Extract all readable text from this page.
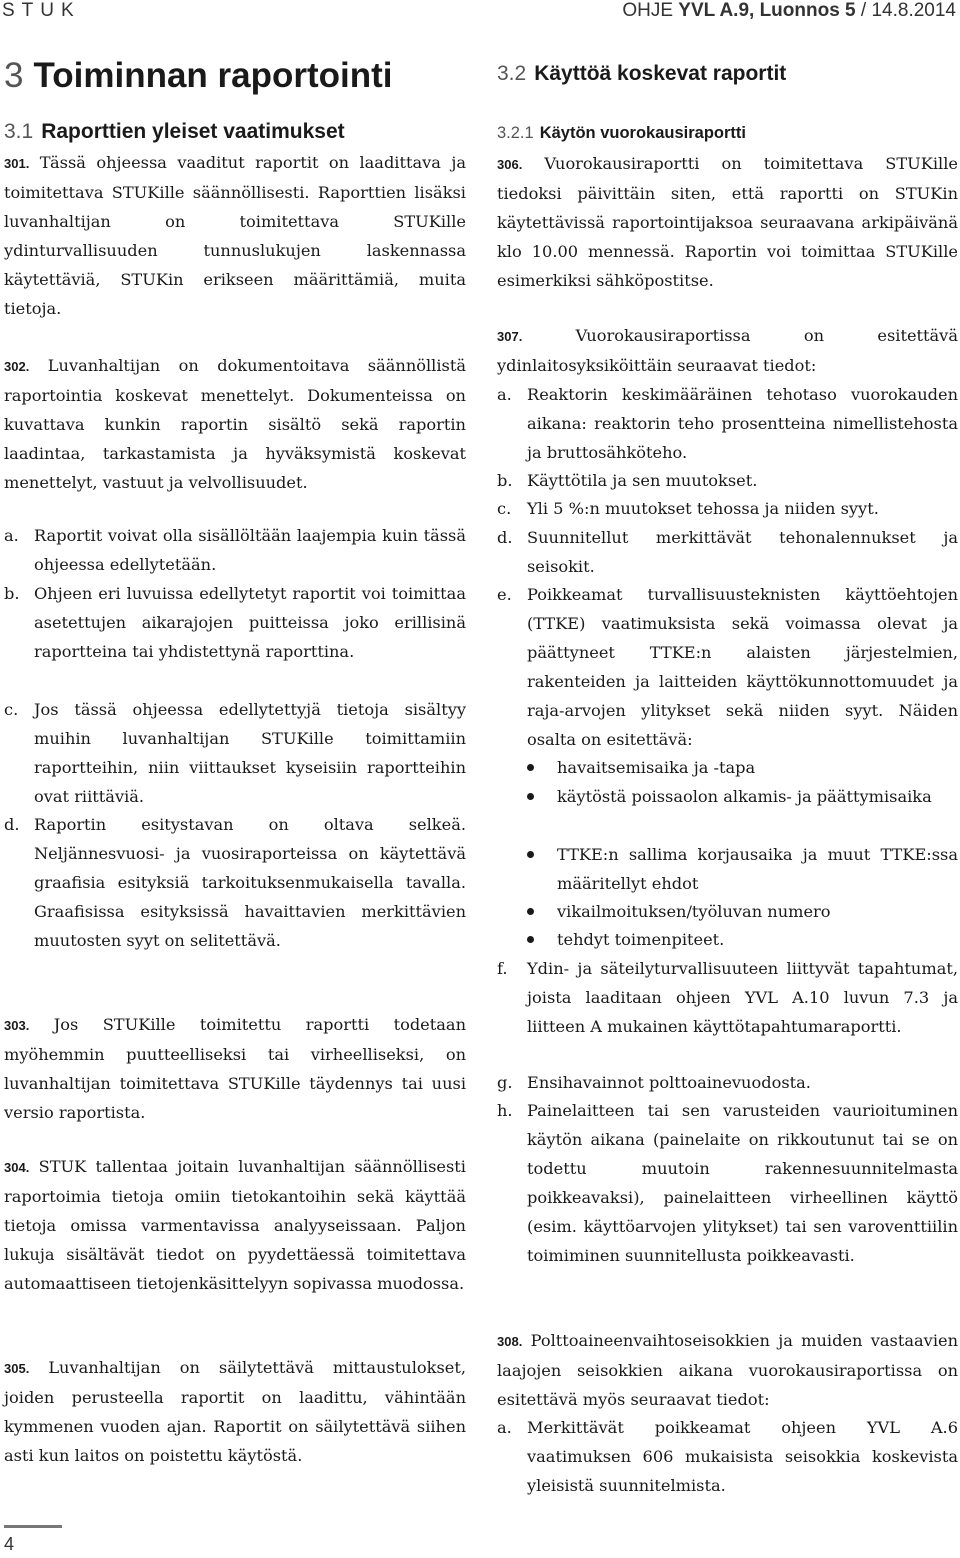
STUK	OHJE YVL A.9, Luonnos 5 / 14.8.2014
3 Toiminnan raportointi
3.1 Raporttien yleiset vaatimukset

301. Tässä ohjeessa vaaditut raportit on laadittava ja toimitettava STUKille säännöllisesti. Raporttien lisäksi luvanhaltijan on toimitettava STUKille ydinturvallisuuden tunnuslukujen laskennassa käytettäviä, STUKin erikseen määrittämiä, muita tietoja.

302. Luvanhaltijan on dokumentoitava säännöllistä raportointia koskevat menettelyt. Dokumenteissa on kuvattava kunkin raportin sisältö sekä raportin laadintaa, tarkastamista ja hyväksymistä koskevat menettelyt, vastuut ja velvollisuudet.

a. Raportit voivat olla sisällöltään laajempia kuin tässä ohjeessa edellytetään.
b. Ohjeen eri luvuissa edellytetyt raportit voi toimittaa asetettujen aikarajojen puitteissa joko erillisinä raportteina tai yhdistettynä raporttina.
c. Jos tässä ohjeessa edellytettyjä tietoja sisältyy muihin luvanhaltijan STUKille toimittamiin raportteihin, niin viittaukset kyseisiin raportteihin ovat riittäviä.
d. Raportin esitystavan on oltava selkeä. Neljännesvuosi- ja vuosiraporteissa on käytettävä graafisia esityksiä tarkoituksenmukaisella tavalla. Graafisissa esityksissä havaittavien merkittävien muutosten syyt on selitettävä.

303. Jos STUKille toimitettu raportti todetaan myöhemmin puutteelliseksi tai virheelliseksi, on luvanhaltijan toimitettava STUKille täydennys tai uusi versio raportista.

304. STUK tallentaa joitain luvanhaltijan säännöllisesti raportoimia tietoja omiin tietokantoihin sekä käyttää tietoja omissa varmentavissa analyyseissaan. Paljon lukuja sisältävät tiedot on pyydettäessä toimitettava automaattiseen tietojenkäsittelyyn sopivassa muodossa.

305. Luvanhaltijan on säilytettävä mittaustulokset, joiden perusteella raportit on laadittu, vähintään kymmenen vuoden ajan. Raportit on säilytettävä siihen asti kun laitos on poistettu käytöstä.

3.2 Käyttöä koskevat raportit
3.2.1 Käytön vuorokausiraportti

306. Vuorokausiraportti on toimitettava STUKille tiedoksi päivittäin siten, että raportti on STUKin käytettävissä raportointijaksoa seuraavana arkipäivänä klo 10.00 mennessä. Raportin voi toimittaa STUKille esimerkiksi sähköpostitse.

307.	Vuorokausiraportissa on esitettävä ydinlaitosyksiköittäin seuraavat tiedot:

a. Reaktorin keskimääräinen tehotaso vuorokauden aikana: reaktorin teho prosentteina nimellistehosta ja bruttosähköteho.
b. Käyttötila ja sen muutokset.
c. Yli 5 %:n muutokset tehossa ja niiden syyt.
d. Suunnitellut merkittävät tehonalennukset ja seisokit.
e. Poikkeamat turvallisuusteknisten käyttöehtojen (TTKE) vaatimuksista sekä voimassa olevat ja päättyneet TTKE:n alaisten järjestelmien, rakenteiden ja laitteiden käyttökunnottomuudet ja raja-arvojen ylitykset sekä niiden syyt. Näiden osalta on esitettävä:
havaitsemisaika ja -tapa
käytöstä poissaolon alkamis- ja päättymisaika
TTKE:n sallima korjausaika ja muut TTKE:ssa määritellyt ehdot
vikailmoituksen/työluvan numero
tehdyt toimenpiteet.
f.	Ydin- ja säteilyturvallisuuteen liittyvät tapahtumat, joista laaditaan ohjeen YVL A.10 luvun 7.3 ja liitteen A mukainen käyttötapahtumaraportti.
g. Ensihavainnot polttoainevuodosta.
h. Painelaitteen tai sen varusteiden vaurioituminen käytön aikana (painelaite on rikkoutunut tai se on todettu muutoin rakennesuunnitelmasta poikkeavaksi), painelaitteen virheellinen käyttö (esim. käyttöarvojen ylitykset) tai sen varoventtiilin toimiminen suunnitellusta poikkeavasti.

308. Polttoaineenvaihtoseisokkien ja muiden vastaavien laajojen seisokkien aikana vuorokausiraportissa on esitettävä myös seuraavat tiedot:

a. Merkittävät poikkeamat ohjeen YVL A.6 vaatimuksen 606 mukaisista seisokkia koskevista yleisistä suunnitelmista.
4
